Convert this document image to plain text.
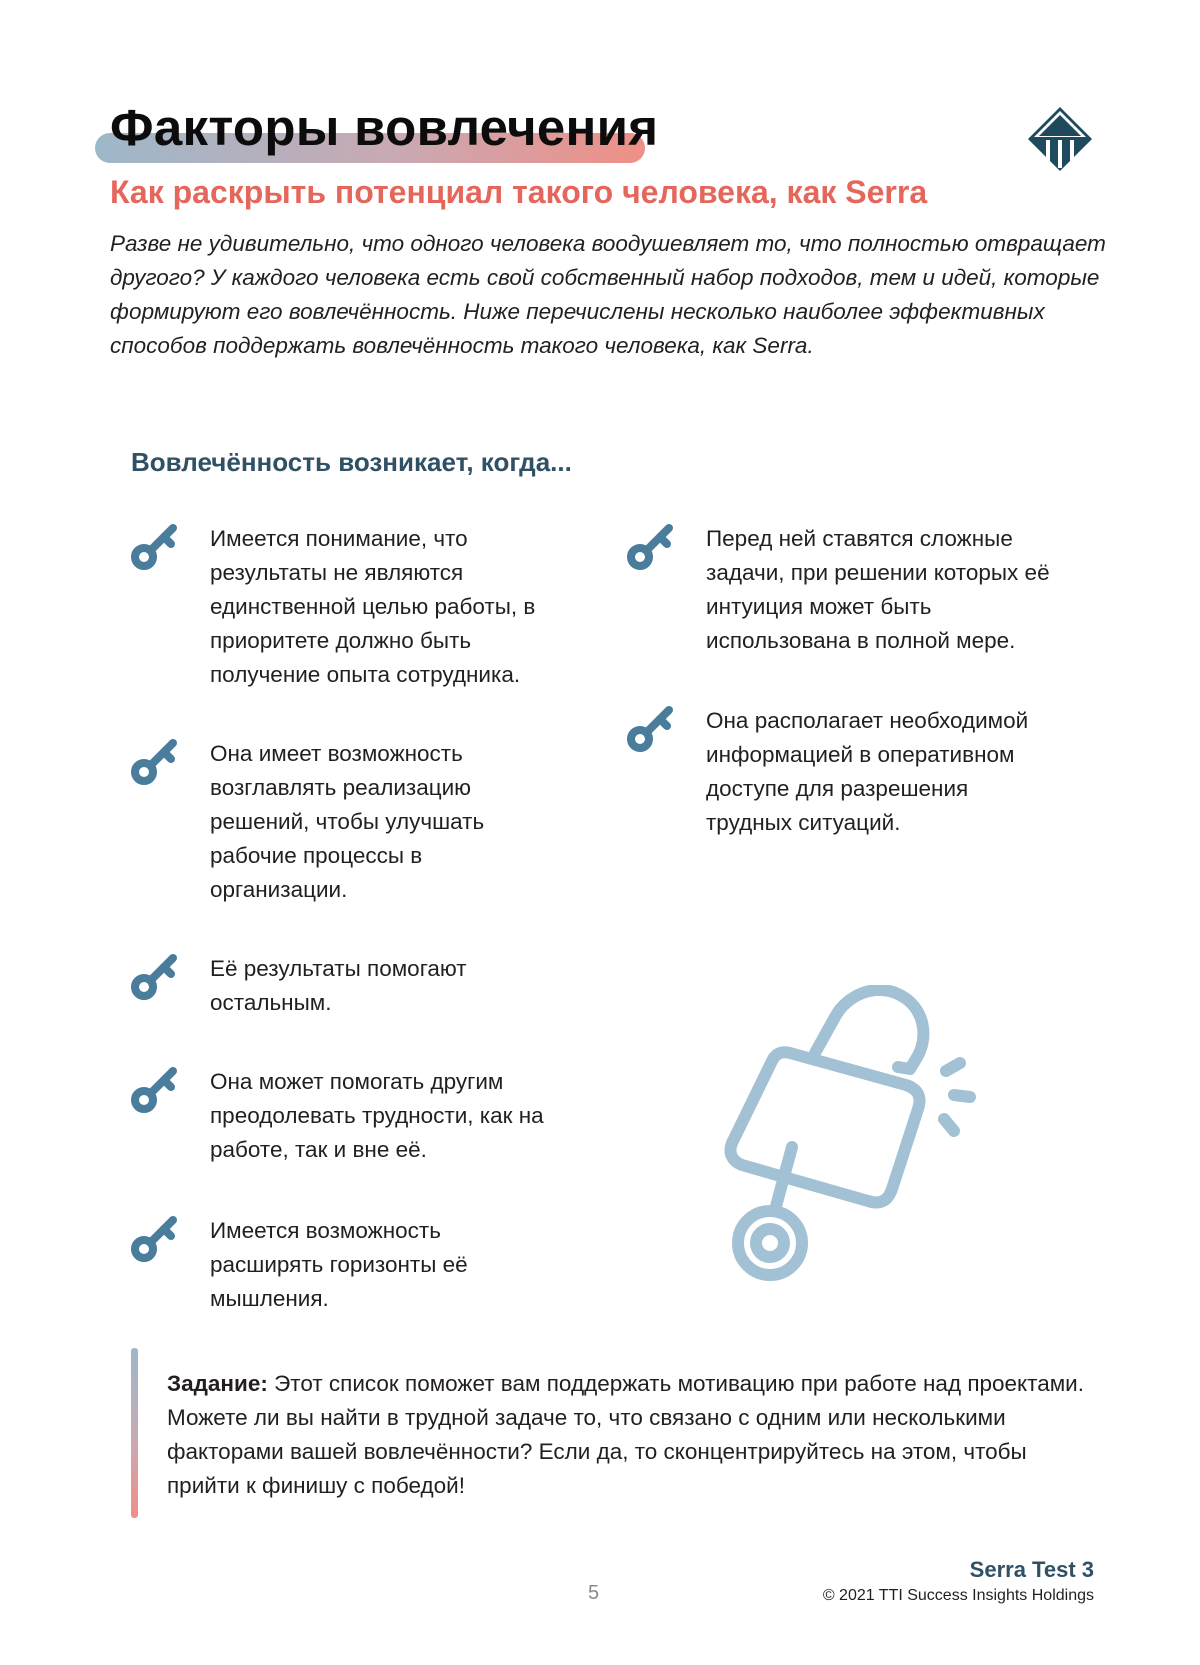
Факторы вовлечения
Как раскрыть потенциал такого человека, как Serra

Разве не удивительно, что одного человека воодушевляет то, что полностью отвращает другого? У каждого человека есть свой собственный набор подходов, тем и идей, которые формируют его вовлечённость. Ниже перечислены несколько наиболее эффективных способов поддержать вовлечённость такого человека, как Serra.

Вовлечённость возникает, когда...

Имеется понимание, что результаты не являются единственной целью работы, в приоритете должно быть получение опыта сотрудника.

Она имеет возможность возглавлять реализацию решений, чтобы улучшать рабочие процессы в организации.

Её результаты помогают остальным.

Она может помогать другим преодолевать трудности, как на работе, так и вне её.

Имеется возможность расширять горизонты её мышления.

Перед ней ставятся сложные задачи, при решении которых её интуиция может быть использована в полной мере.

Она располагает необходимой информацией в оперативном доступе для разрешения трудных ситуаций.

Задание: Этот список поможет вам поддержать мотивацию при работе над проектами. Можете ли вы найти в трудной задаче то, что связано с одним или несколькими факторами вашей вовлечённости? Если да, то сконцентрируйтесь на этом, чтобы прийти к финишу с победой!

Serra Test 3
5	© 2021 TTI Success Insights Holdings
